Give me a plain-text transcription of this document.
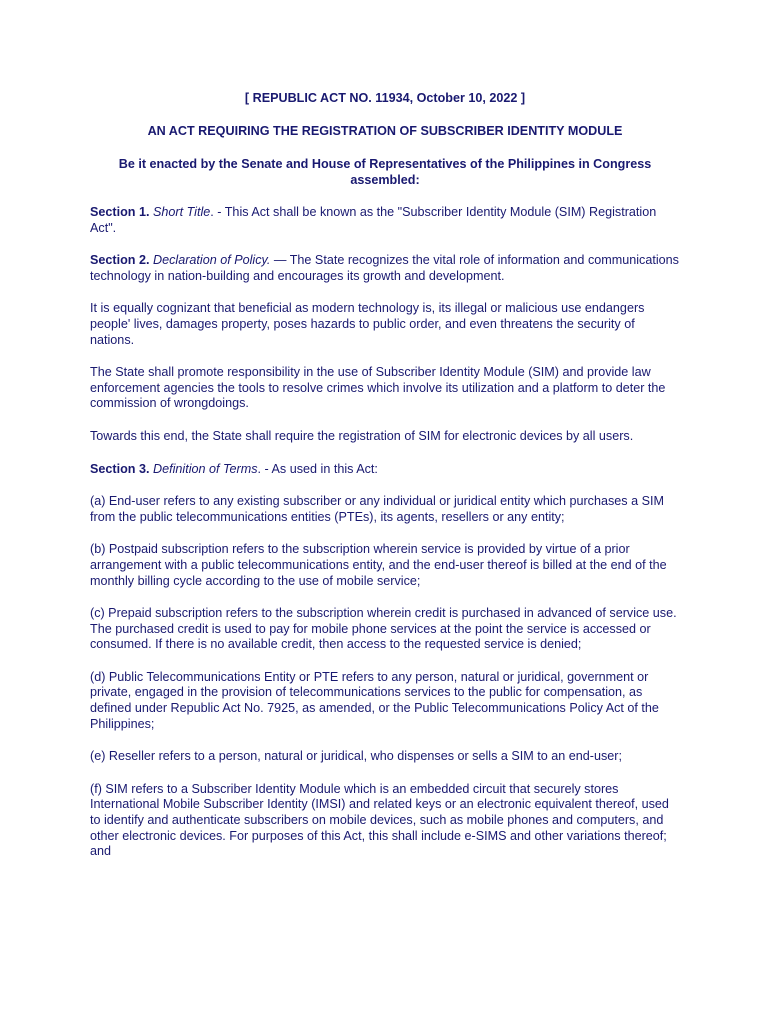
[ REPUBLIC ACT NO. 11934, October 10, 2022 ]
AN ACT REQUIRING THE REGISTRATION OF SUBSCRIBER IDENTITY MODULE
Be it enacted by the Senate and House of Representatives of the Philippines in Congress assembled:

Section 1. Short Title. - This Act shall be known as the "Subscriber Identity Module (SIM) Registration Act".

Section 2. Declaration of Policy. — The State recognizes the vital role of information and communications technology in nation-building and encourages its growth and development.

It is equally cognizant that beneficial as modern technology is, its illegal or malicious use endangers people' lives, damages property, poses hazards to public order, and even threatens the security of nations.

The State shall promote responsibility in the use of Subscriber Identity Module (SIM) and provide law enforcement agencies the tools to resolve crimes which involve its utilization and a platform to deter the commission of wrongdoings.

Towards this end, the State shall require the registration of SIM for electronic devices by all users.

Section 3. Definition of Terms. - As used in this Act:

(a) End-user refers to any existing subscriber or any individual or juridical entity which purchases a SIM from the public telecommunications entities (PTEs), its agents, resellers or any entity;

(b) Postpaid subscription refers to the subscription wherein service is provided by virtue of a prior arrangement with a public telecommunications entity, and the end-user thereof is billed at the end of the monthly billing cycle according to the use of mobile service;

(c) Prepaid subscription refers to the subscription wherein credit is purchased in advanced of service use. The purchased credit is used to pay for mobile phone services at the point the service is accessed or consumed. If there is no available credit, then access to the requested service is denied;

(d) Public Telecommunications Entity or PTE refers to any person, natural or juridical, government or private, engaged in the provision of telecommunications services to the public for compensation, as defined under Republic Act No. 7925, as amended, or the Public Telecommunications Policy Act of the Philippines;

(e) Reseller refers to a person, natural or juridical, who dispenses or sells a SIM to an end-user;

(f) SIM refers to a Subscriber Identity Module which is an embedded circuit that securely stores International Mobile Subscriber Identity (IMSI) and related keys or an electronic equivalent thereof, used to identify and authenticate subscribers on mobile devices, such as mobile phones and computers, and other electronic devices. For purposes of this Act, this shall include e-SIMS and other variations thereof; and
